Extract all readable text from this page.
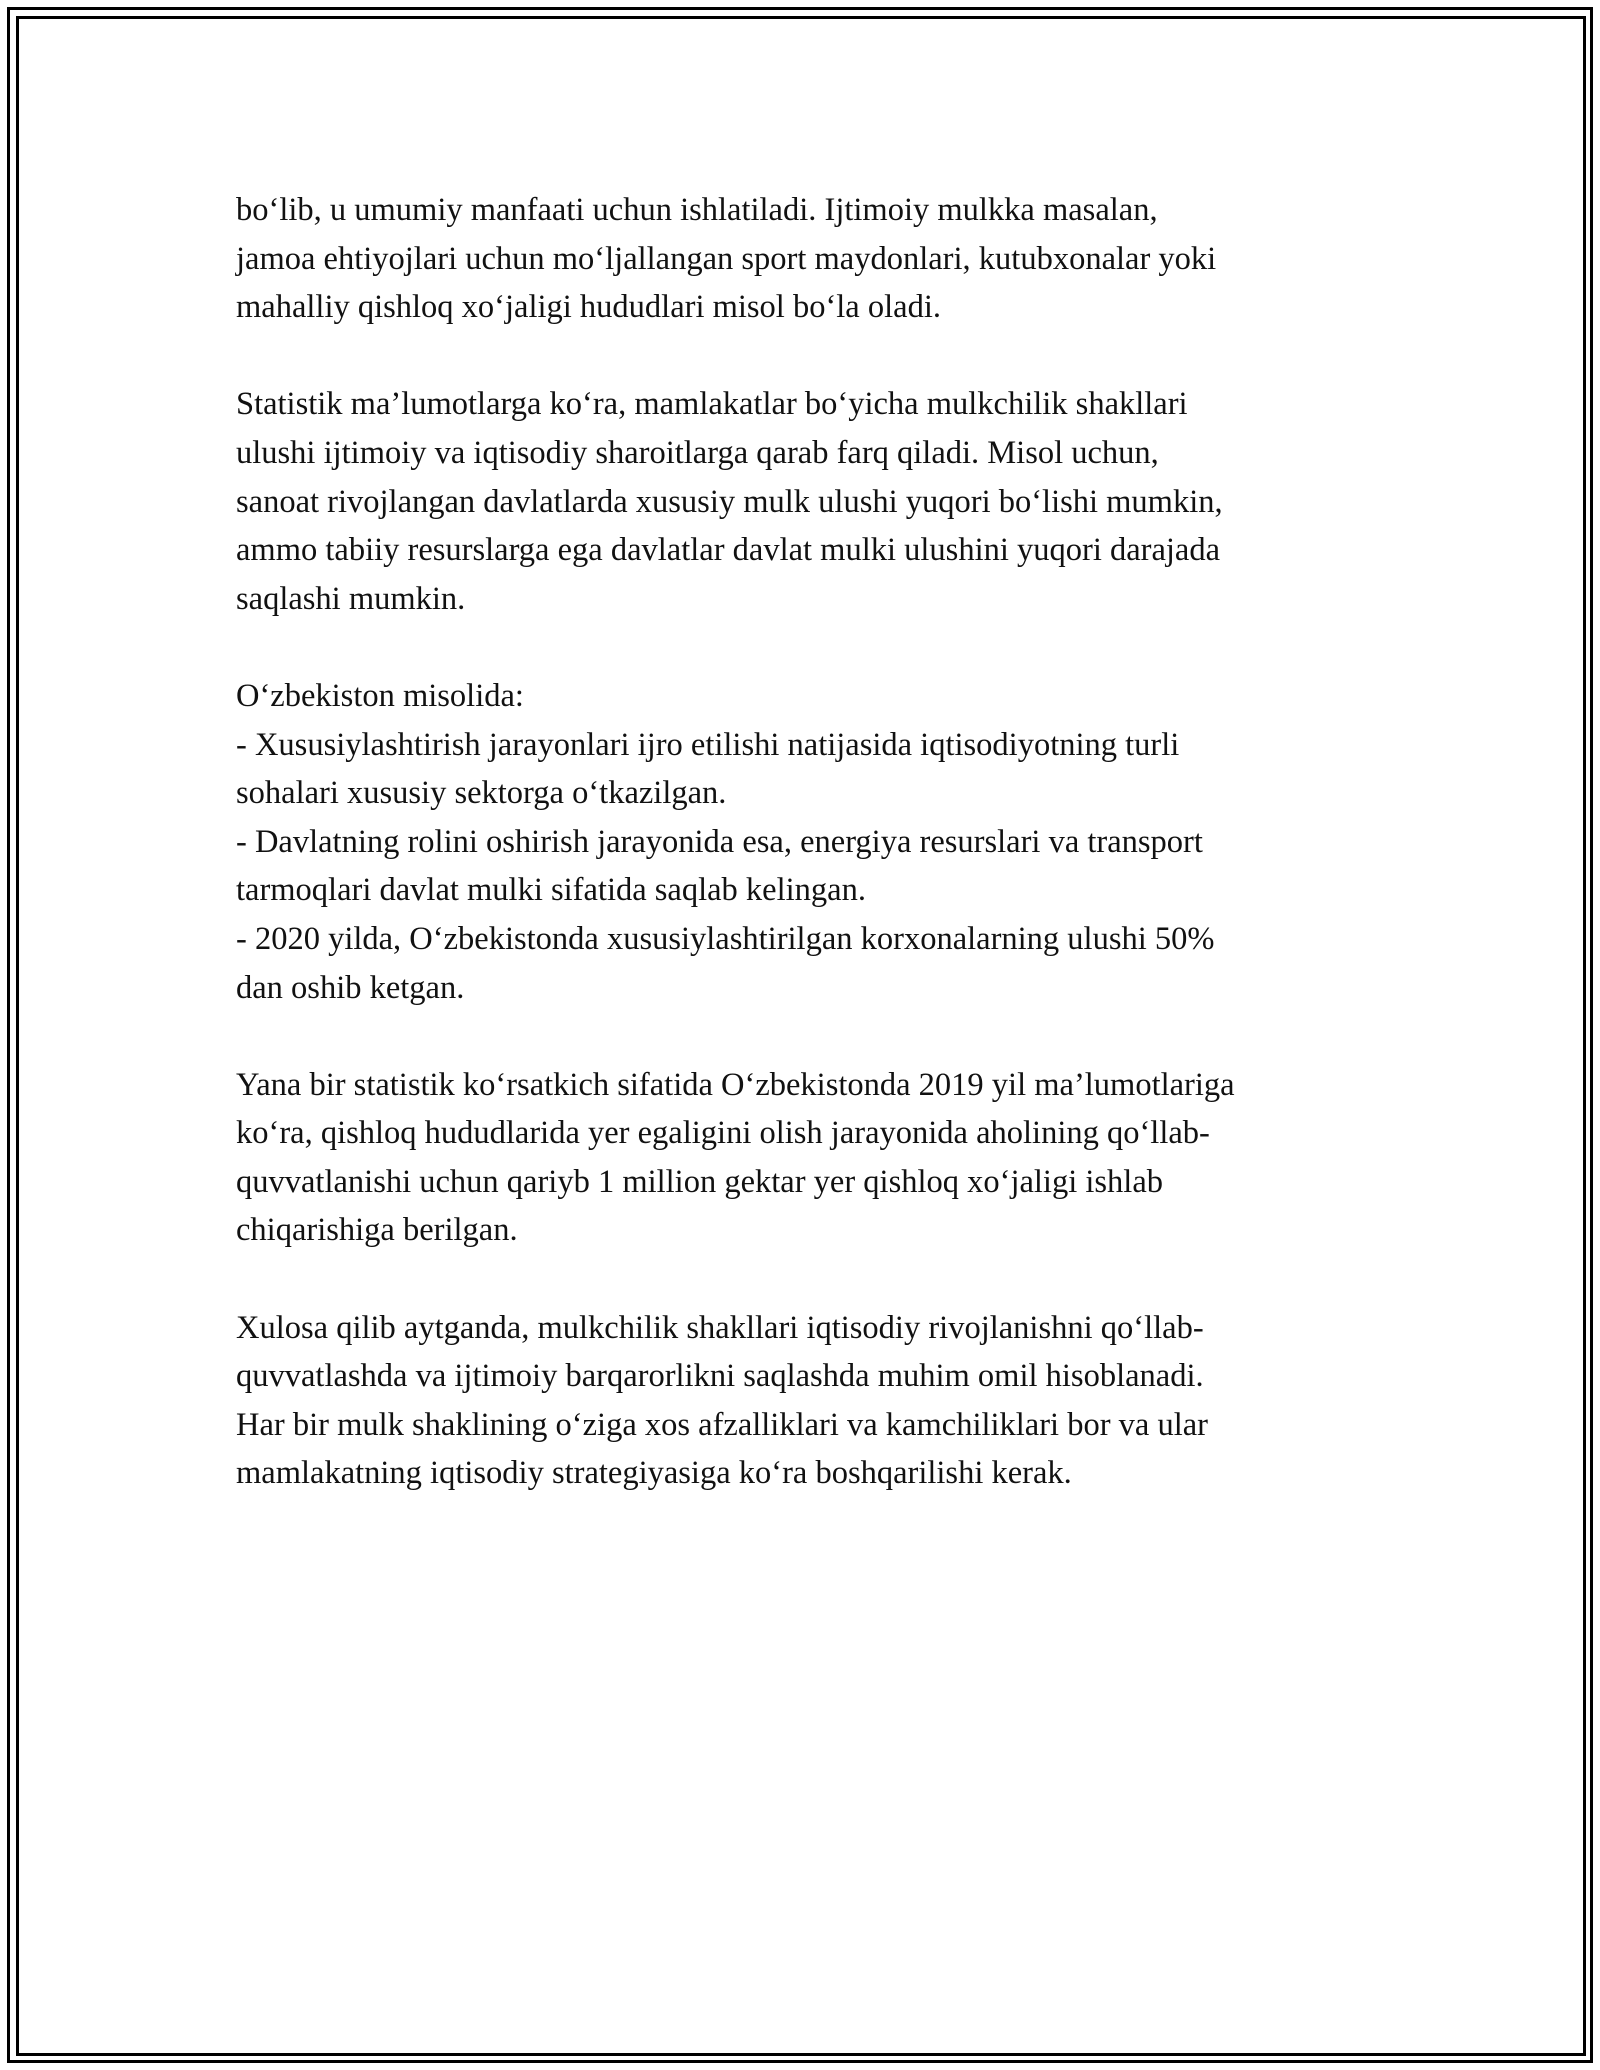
bo‘lib, u umumiy manfaati uchun ishlatiladi. Ijtimoiy mulkka masalan,
jamoa ehtiyojlari uchun mo‘ljallangan sport maydonlari, kutubxonalar yoki
mahalliy qishloq xo‘jaligi hududlari misol bo‘la oladi.

Statistik ma’lumotlarga ko‘ra, mamlakatlar bo‘yicha mulkchilik shakllari
ulushi ijtimoiy va iqtisodiy sharoitlarga qarab farq qiladi. Misol uchun,
sanoat rivojlangan davlatlarda xususiy mulk ulushi yuqori bo‘lishi mumkin,
ammo tabiiy resurslarga ega davlatlar davlat mulki ulushini yuqori darajada
saqlashi mumkin.

O‘zbekiston misolida:
- Xususiylashtirish jarayonlari ijro etilishi natijasida iqtisodiyotning turli
sohalari xususiy sektorga o‘tkazilgan.
- Davlatning rolini oshirish jarayonida esa, energiya resurslari va transport
tarmoqlari davlat mulki sifatida saqlab kelingan.
- 2020 yilda, O‘zbekistonda xususiylashtirilgan korxonalarning ulushi 50%
dan oshib ketgan.

Yana bir statistik ko‘rsatkich sifatida O‘zbekistonda 2019 yil ma’lumotlariga
ko‘ra, qishloq hududlarida yer egaligini olish jarayonida aholining qo‘llab-
quvvatlanishi uchun qariyb 1 million gektar yer qishloq xo‘jaligi ishlab
chiqarishiga berilgan.

Xulosa qilib aytganda, mulkchilik shakllari iqtisodiy rivojlanishni qo‘llab-
quvvatlashda va ijtimoiy barqarorlikni saqlashda muhim omil hisoblanadi.
Har bir mulk shaklining o‘ziga xos afzalliklari va kamchiliklari bor va ular
mamlakatning iqtisodiy strategiyasiga ko‘ra boshqarilishi kerak.
